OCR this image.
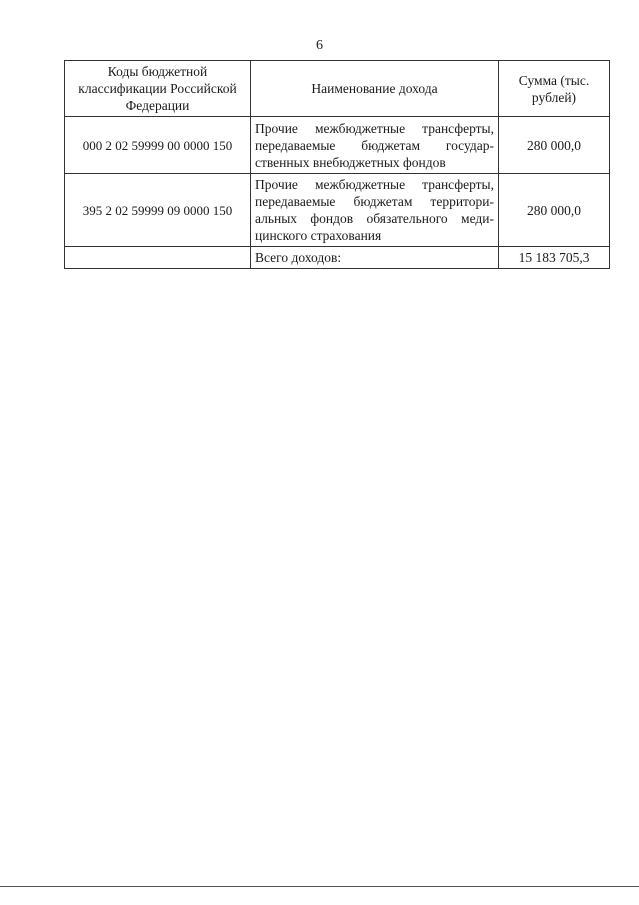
6
Коды бюджетной классификации Российской Федерации	Наименование дохода	Сумма (тыс. рублей)
000 2 02 59999 00 0000 150	Прочие межбюджетные трансферты, передаваемые бюджетам государственных внебюджетных фондов	280 000,0
395 2 02 59999 09 0000 150	Прочие межбюджетные трансферты, передаваемые бюджетам территориальных фондов обязательного медицинского страхования	280 000,0
	Всего доходов:	15 183 705,3
